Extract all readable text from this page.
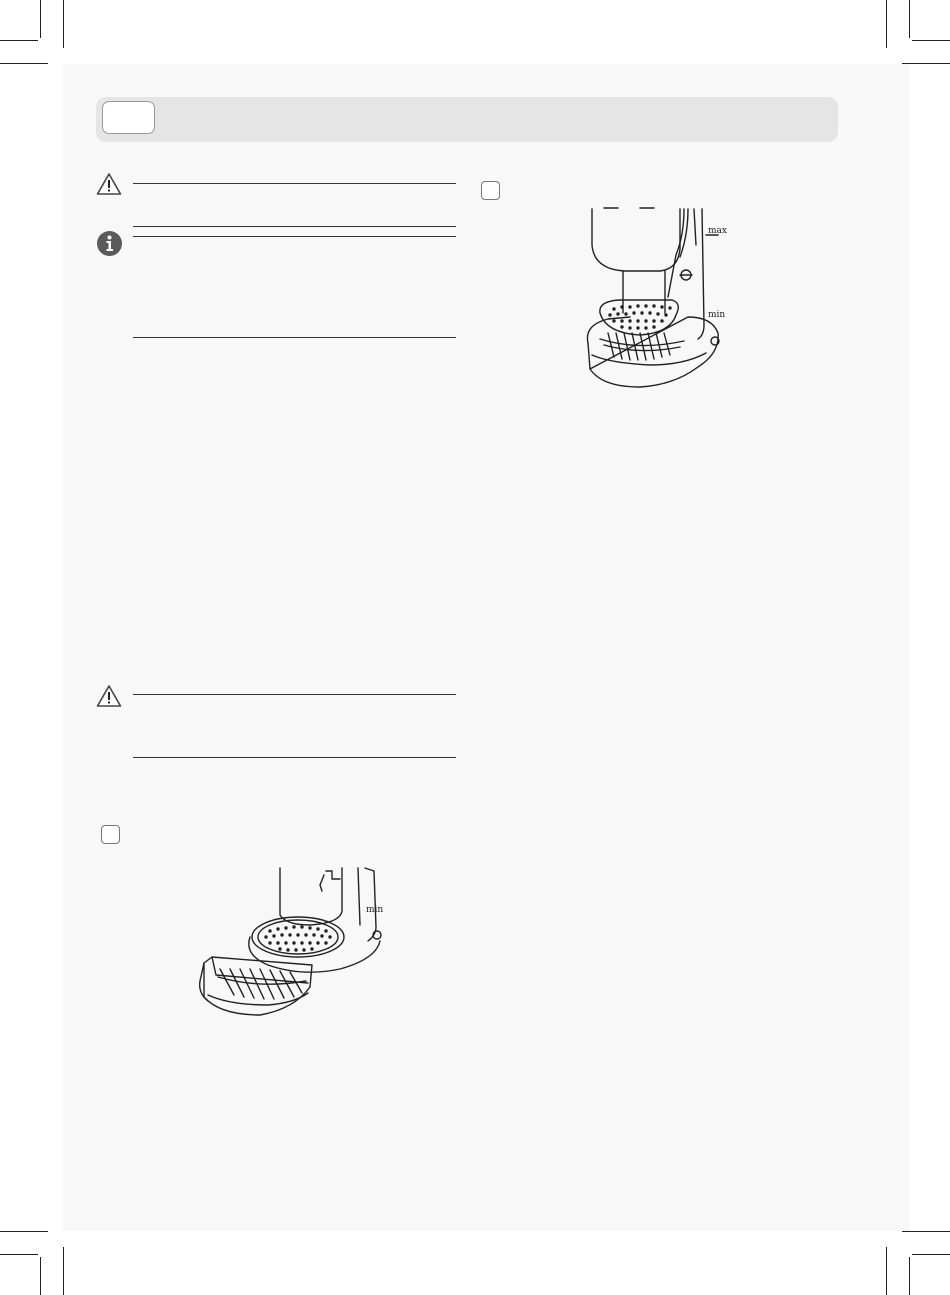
max
min
min
